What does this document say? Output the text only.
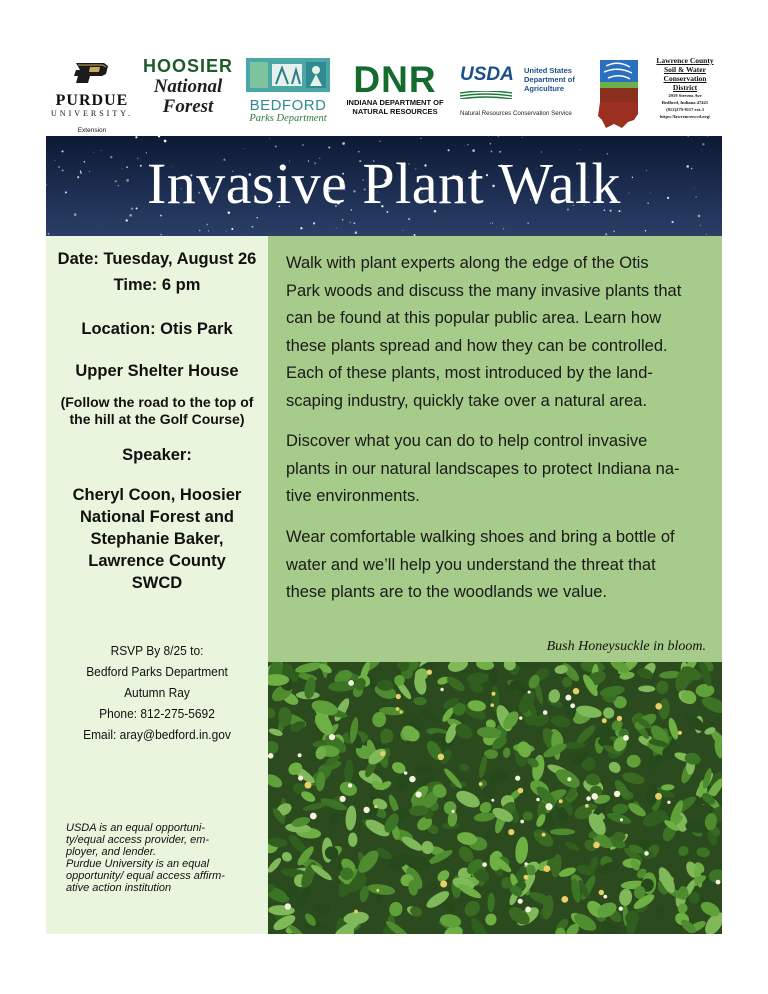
PURDUE
UNIVERSITY.
Extension
HOOSIER
National
Forest	BEDFORD
Parks Department
DNR
INDIANA DEPARTMENT OF
NATURAL RESOURCES
USDA	United States
Department of
Agriculture
Natural Resources Conservation Service
Lawrence County
Soil & Water
Conservation
District
2919 Stevens Ave
Bedford, Indiana 47421
(812)279-8117 ext.3
https://lawrenceswcd.org/
Invasive Plant Walk
Date: Tuesday, August 26
Time: 6 pm
Location: Otis Park
Upper Shelter House
(Follow the road to the top of
the hill at the Golf Course)
Speaker:
Cheryl Coon, Hoosier
National Forest and
Stephanie Baker,
Lawrence County
SWCD
RSVP By 8/25 to:
Bedford Parks Department
Autumn Ray
Phone: 812-275-5692
Email: aray@bedford.in.gov
USDA is an equal opportuni-
ty/equal access provider, em-
ployer, and lender.
Purdue University is an equal
opportunity/ equal access affirm-
ative action institution
Walk with plant experts along the edge of the Otis
Park woods and discuss the many invasive plants that
can be found at this popular public area. Learn how
these plants spread and how they can be controlled.
Each of these plants, most introduced by the land-
scaping industry, quickly take over a natural area.
Discover what you can do to help control invasive
plants in our natural landscapes to protect Indiana na-
tive environments.
Wear comfortable walking shoes and bring a bottle of
water and we’ll help you understand the threat that
these plants are to the woodlands we value.
Bush Honeysuckle in bloom.
